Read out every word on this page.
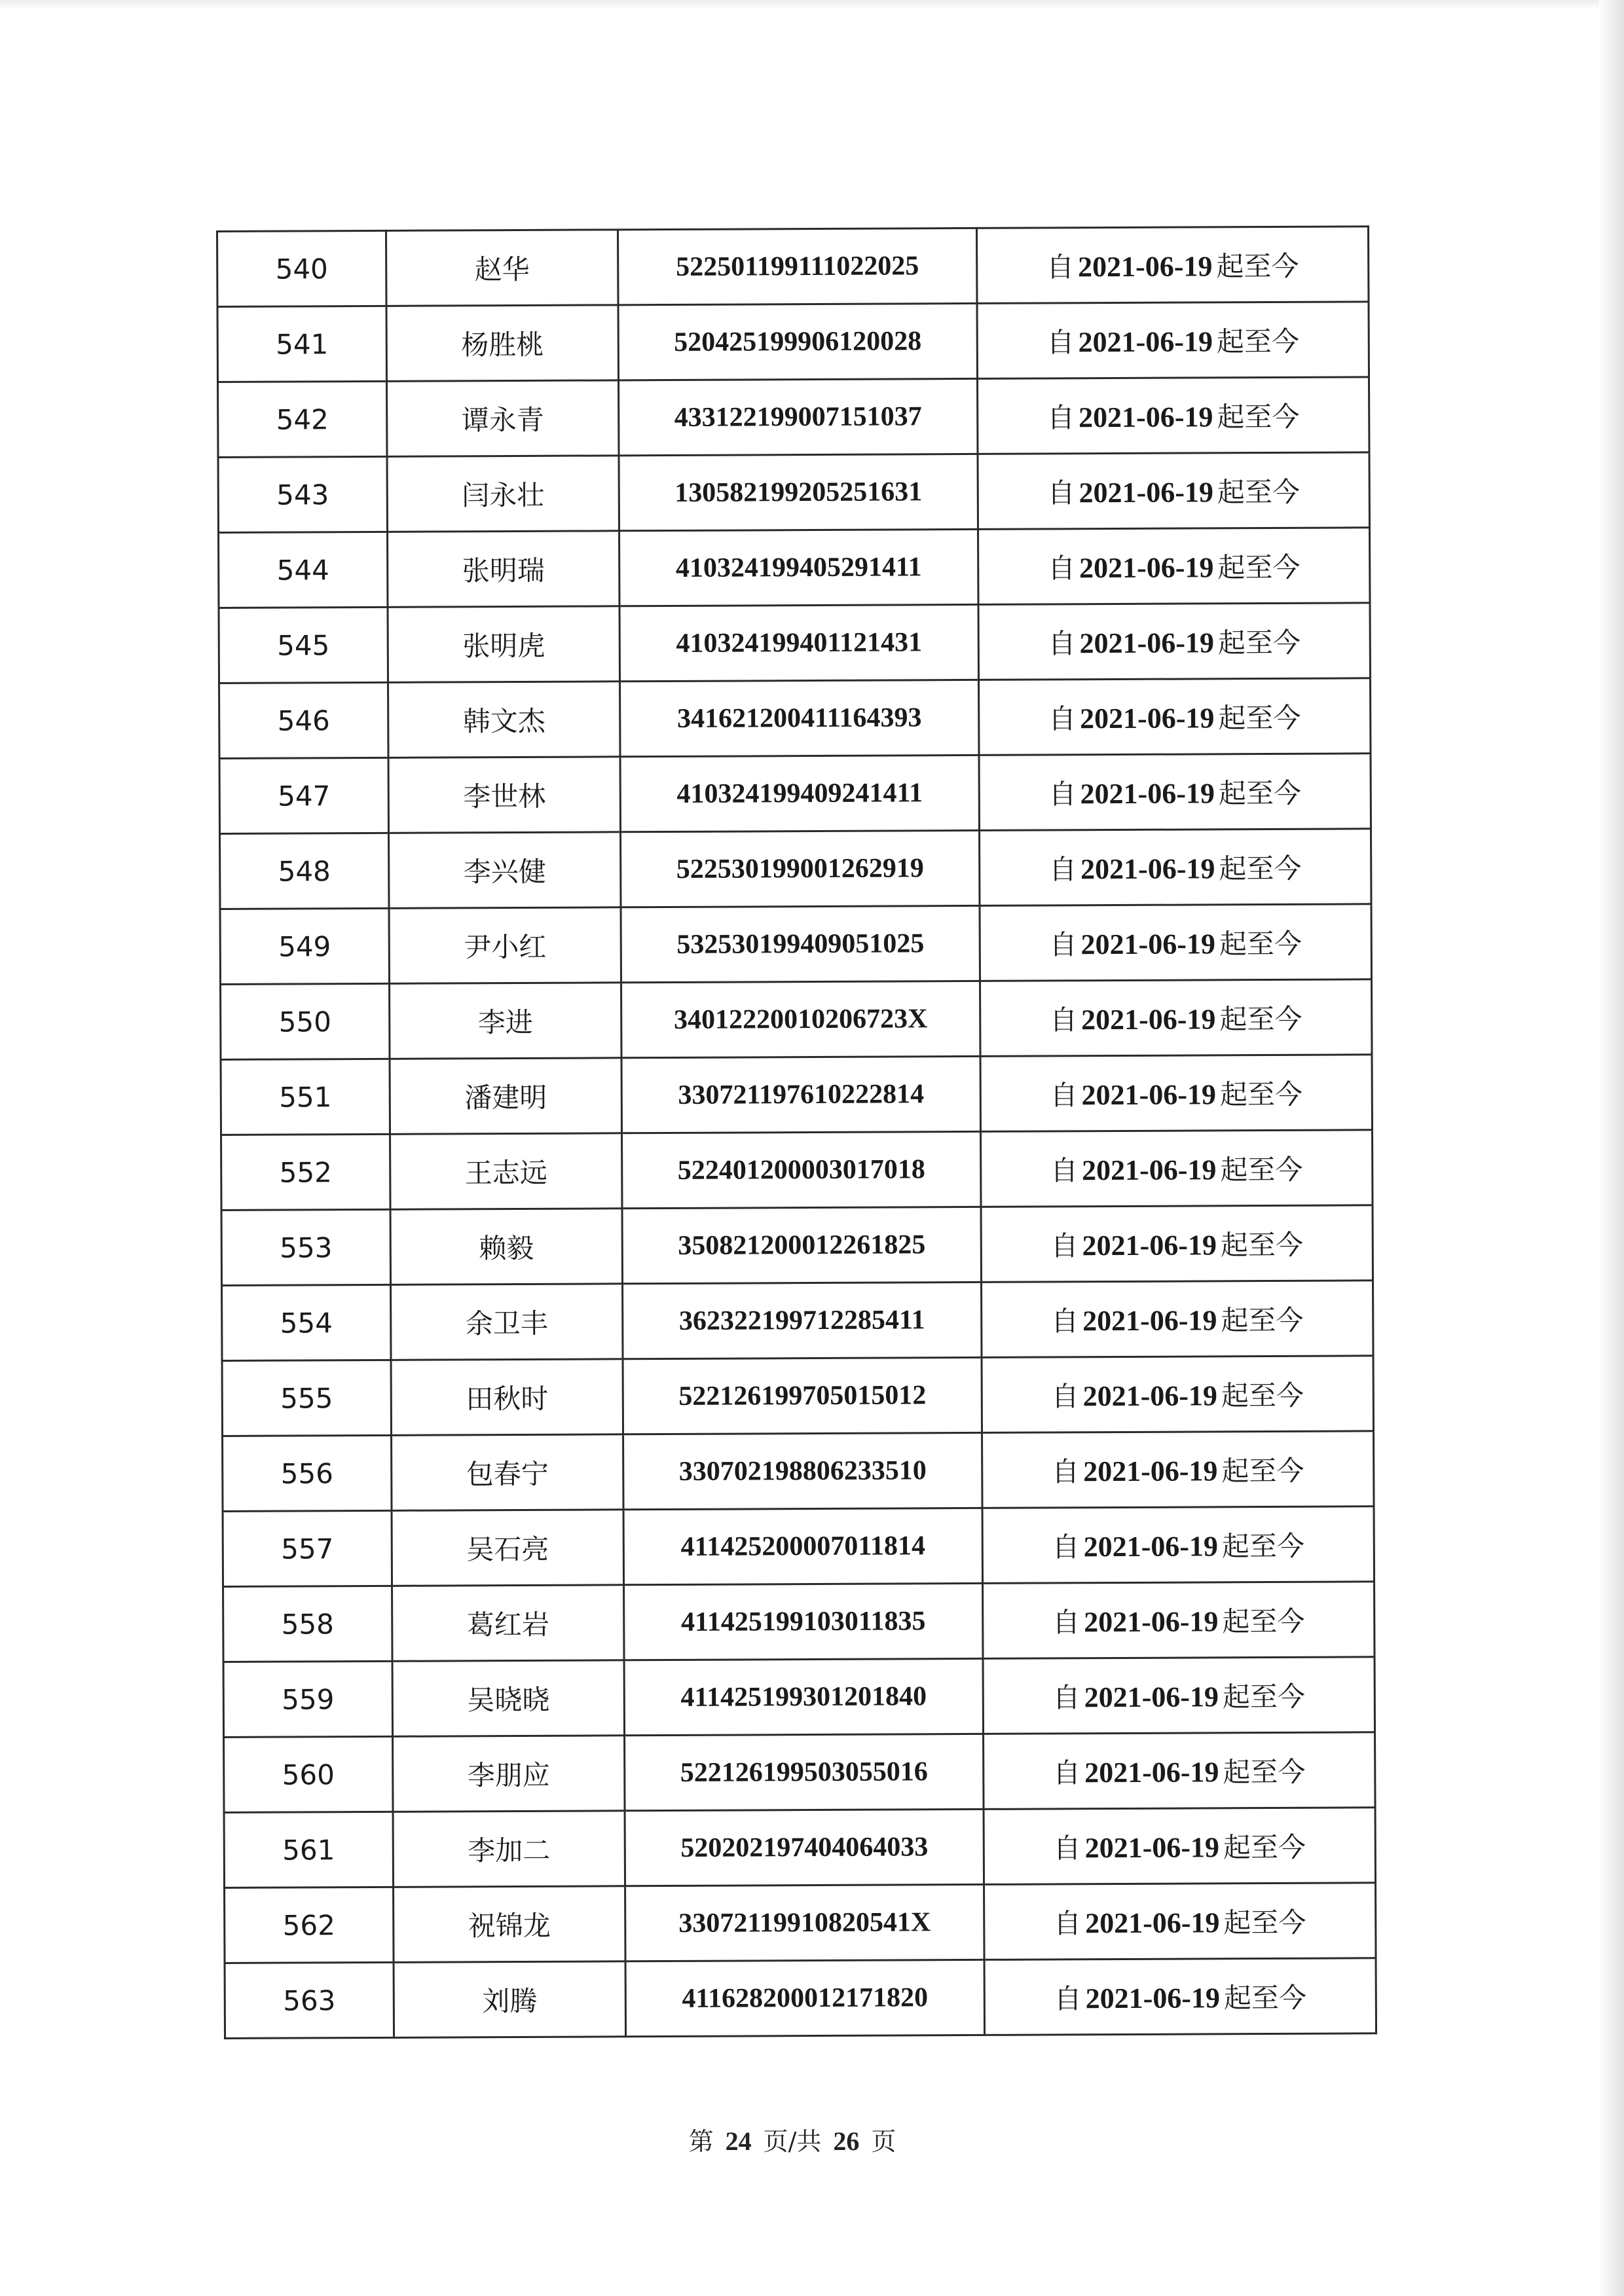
540	赵华	522501199111022025	自 2021-06-19 起至今
541	杨胜桃	520425199906120028	自 2021-06-19 起至今
542	谭永青	433122199007151037	自 2021-06-19 起至今
543	闫永壮	130582199205251631	自 2021-06-19 起至今
544	张明瑞	410324199405291411	自 2021-06-19 起至今
545	张明虎	410324199401121431	自 2021-06-19 起至今
546	韩文杰	341621200411164393	自 2021-06-19 起至今
547	李世林	410324199409241411	自 2021-06-19 起至今
548	李兴健	522530199001262919	自 2021-06-19 起至今
549	尹小红	532530199409051025	自 2021-06-19 起至今
550	李进	34012220010206723X	自 2021-06-19 起至今
551	潘建明	330721197610222814	自 2021-06-19 起至今
552	王志远	522401200003017018	自 2021-06-19 起至今
553	赖毅	350821200012261825	自 2021-06-19 起至今
554	余卫丰	362322199712285411	自 2021-06-19 起至今
555	田秋时	522126199705015012	自 2021-06-19 起至今
556	包春宁	330702198806233510	自 2021-06-19 起至今
557	吴石亮	411425200007011814	自 2021-06-19 起至今
558	葛红岩	411425199103011835	自 2021-06-19 起至今
559	吴晓晓	411425199301201840	自 2021-06-19 起至今
560	李朋应	522126199503055016	自 2021-06-19 起至今
561	李加二	520202197404064033	自 2021-06-19 起至今
562	祝锦龙	33072119910820541X	自 2021-06-19 起至今
563	刘腾	411628200012171820	自 2021-06-19 起至今
第 24 页/共 26 页
